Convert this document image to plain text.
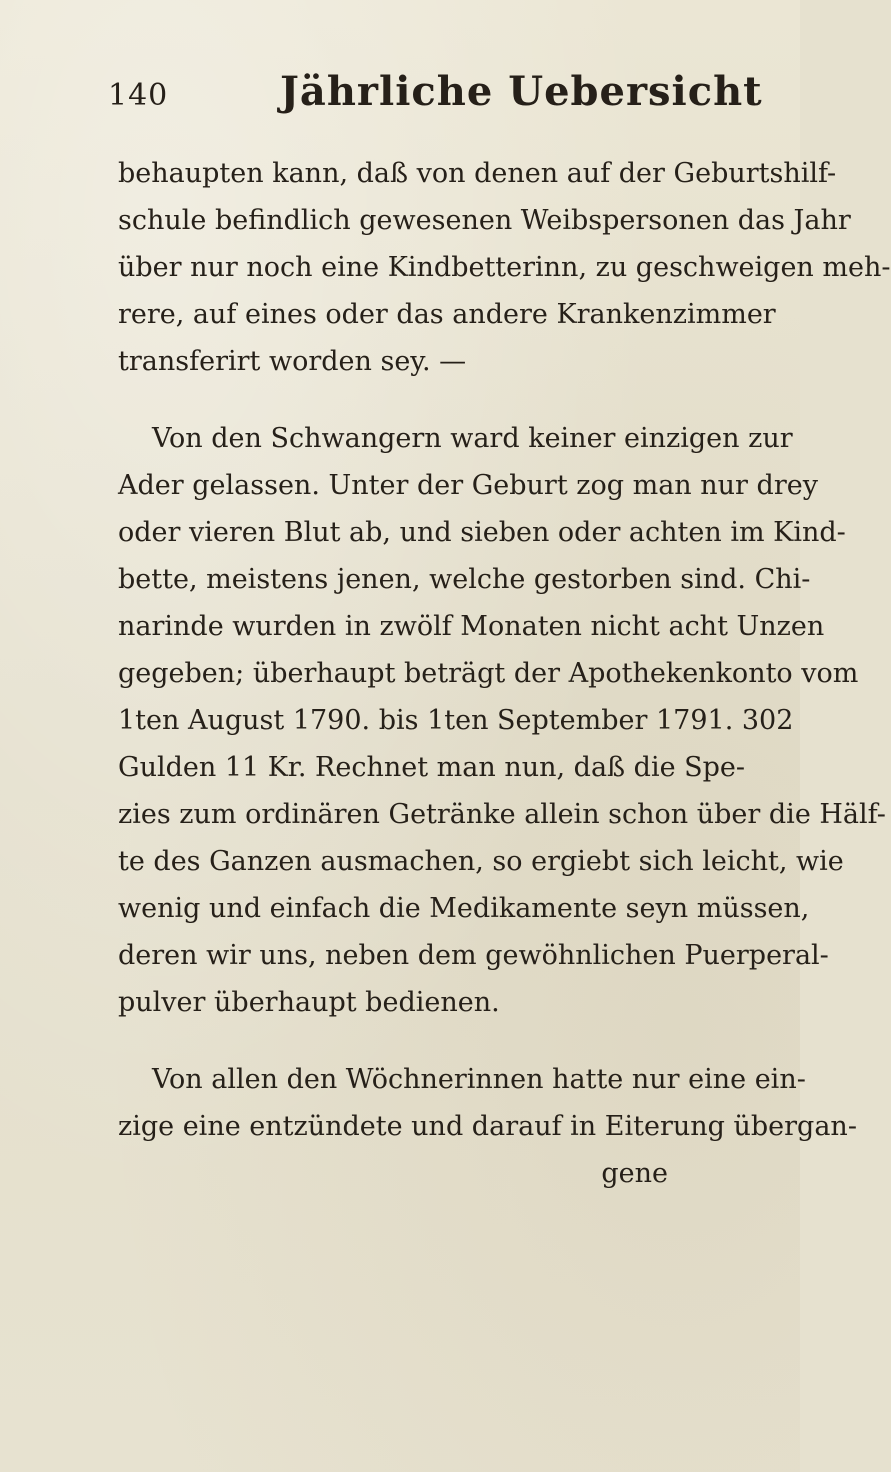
140	Jährliche Uebersicht
behaupten kann, daß von denen auf der Geburtshilf-
schule befindlich gewesenen Weibspersonen das Jahr
über nur noch eine Kindbetterinn, zu geschweigen meh-
rere, auf eines oder das andere Krankenzimmer
transferirt worden sey. —
Von den Schwangern ward keiner einzigen zur
Ader gelassen. Unter der Geburt zog man nur drey
oder vieren Blut ab, und sieben oder achten im Kind-
bette, meistens jenen, welche gestorben sind. Chi-
narinde wurden in zwölf Monaten nicht acht Unzen
gegeben; überhaupt beträgt der Apothekenkonto vom
1ten August 1790. bis 1ten September 1791. 302
Gulden 11 Kr. Rechnet man nun, daß die Spe-
zies zum ordinären Getränke allein schon über die Hälf-
te des Ganzen ausmachen, so ergiebt sich leicht, wie
wenig und einfach die Medikamente seyn müssen,
deren wir uns, neben dem gewöhnlichen Puerperal-
pulver überhaupt bedienen.
Von allen den Wöchnerinnen hatte nur eine ein-
zige eine entzündete und darauf in Eiterung übergan-
gene
